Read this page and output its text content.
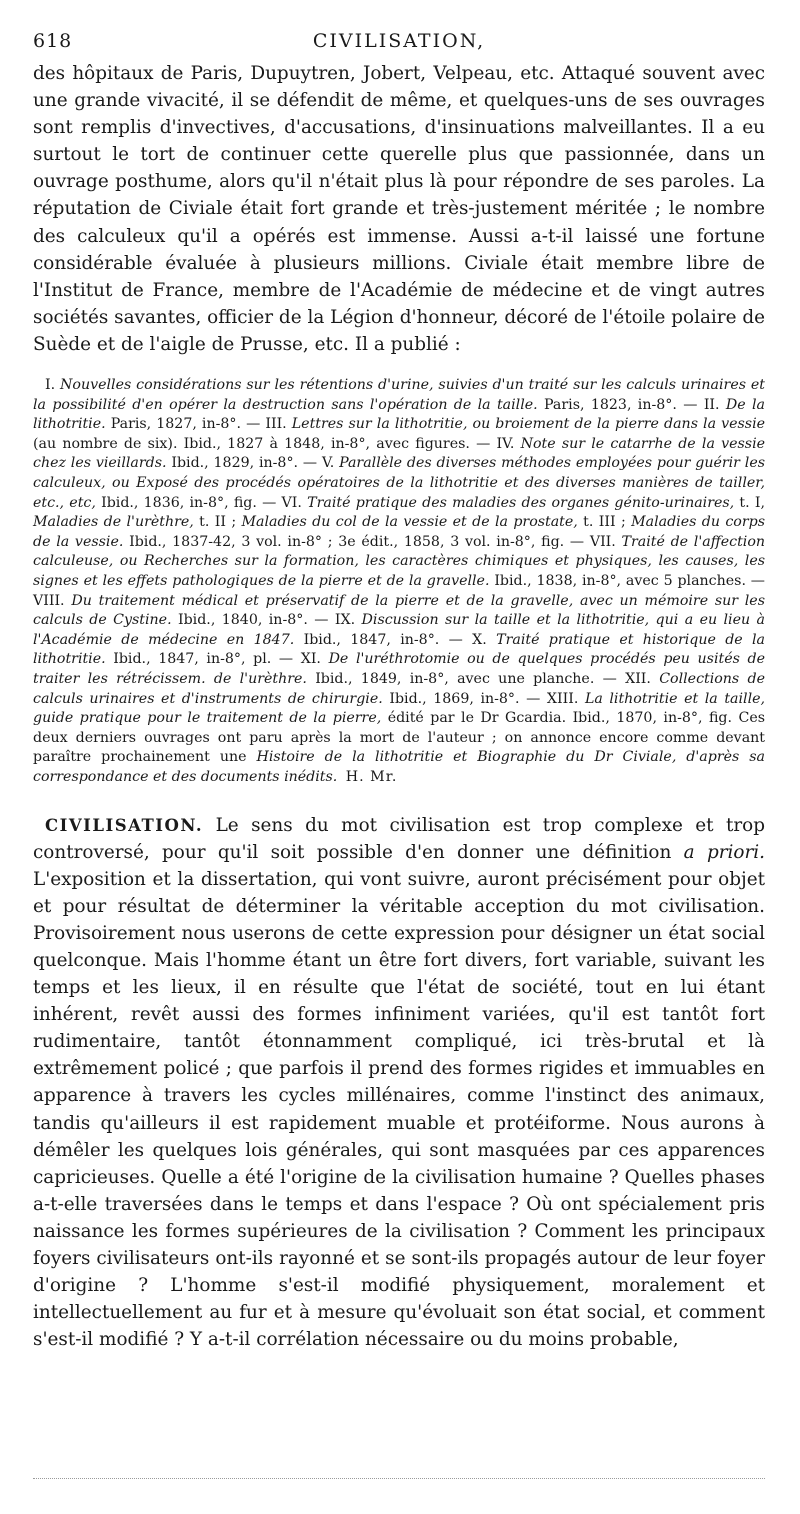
618	CIVILISATION,

des hôpitaux de Paris, Dupuytren, Jobert, Velpeau, etc. Attaqué souvent avec une grande vivacité, il se défendit de même, et quelques-uns de ses ouvrages sont remplis d'invectives, d'accusations, d'insinuations malveillantes. Il a eu surtout le tort de continuer cette querelle plus que passionnée, dans un ouvrage posthume, alors qu'il n'était plus là pour répondre de ses paroles. La réputation de Civiale était fort grande et très-justement méritée ; le nombre des calculeux qu'il a opérés est immense. Aussi a-t-il laissé une fortune considérable évaluée à plusieurs millions. Civiale était membre libre de l'Institut de France, membre de l'Académie de médecine et de vingt autres sociétés savantes, officier de la Légion d'honneur, décoré de l'étoile polaire de Suède et de l'aigle de Prusse, etc. Il a publié :

I. Nouvelles considérations sur les rétentions d'urine, suivies d'un traité sur les calculs urinaires et la possibilité d'en opérer la destruction sans l'opération de la taille. Paris, 1823, in-8°. — II. De la lithotritie. Paris, 1827, in-8°. — III. Lettres sur la lithotritie, ou broiement de la pierre dans la vessie (au nombre de six). Ibid., 1827 à 1848, in-8°, avec figures. — IV. Note sur le catarrhe de la vessie chez les vieillards. Ibid., 1829, in-8°. — V. Parallèle des diverses méthodes employées pour guérir les calculeux, ou Exposé des procédés opératoires de la lithotritie et des diverses manières de tailler, etc., etc, Ibid., 1836, in-8°, fig. — VI. Traité pratique des maladies des organes génito-urinaires, t. I, Maladies de l'urèthre, t. II ; Maladies du col de la vessie et de la prostate, t. III ; Maladies du corps de la vessie. Ibid., 1837-42, 3 vol. in-8° ; 3e édit., 1858, 3 vol. in-8°, fig. — VII. Traité de l'affection calculeuse, ou Recherches sur la formation, les caractères chimiques et physiques, les causes, les signes et les effets pathologiques de la pierre et de la gravelle. Ibid., 1838, in-8°, avec 5 planches. — VIII. Du traitement médical et préservatif de la pierre et de la gravelle, avec un mémoire sur les calculs de Cystine. Ibid., 1840, in-8°. — IX. Discussion sur la taille et la lithotritie, qui a eu lieu à l'Académie de médecine en 1847. Ibid., 1847, in-8°. — X. Traité pratique et historique de la lithotritie. Ibid., 1847, in-8°, pl. — XI. De l'uréthrotomie ou de quelques procédés peu usités de traiter les rétrécissem. de l'urèthre. Ibid., 1849, in-8°, avec une planche. — XII. Collections de calculs urinaires et d'instruments de chirurgie. Ibid., 1869, in-8°. — XIII. La lithotritie et la taille, guide pratique pour le traitement de la pierre, édité par le Dr Gcardia. Ibid., 1870, in-8°, fig. Ces deux derniers ouvrages ont paru après la mort de l'auteur ; on annonce encore comme devant paraître prochainement une Histoire de la lithotritie et Biographie du Dr Civiale, d'après sa correspondance et des documents inédits. H. Mr.

CIVILISATION. Le sens du mot civilisation est trop complexe et trop controversé, pour qu'il soit possible d'en donner une définition a priori. L'exposition et la dissertation, qui vont suivre, auront précisément pour objet et pour résultat de déterminer la véritable acception du mot civilisation. Provisoirement nous userons de cette expression pour désigner un état social quelconque. Mais l'homme étant un être fort divers, fort variable, suivant les temps et les lieux, il en résulte que l'état de société, tout en lui étant inhérent, revêt aussi des formes infiniment variées, qu'il est tantôt fort rudimentaire, tantôt étonnamment compliqué, ici très-brutal et là extrêmement policé ; que parfois il prend des formes rigides et immuables en apparence à travers les cycles millénaires, comme l'instinct des animaux, tandis qu'ailleurs il est rapidement muable et protéiforme. Nous aurons à démêler les quelques lois générales, qui sont masquées par ces apparences capricieuses. Quelle a été l'origine de la civilisation humaine ? Quelles phases a-t-elle traversées dans le temps et dans l'espace ? Où ont spécialement pris naissance les formes supérieures de la civilisation ? Comment les principaux foyers civilisateurs ont-ils rayonné et se sont-ils propagés autour de leur foyer d'origine ? L'homme s'est-il modifié physiquement, moralement et intellectuellement au fur et à mesure qu'évoluait son état social, et comment s'est-il modifié ? Y a-t-il corrélation nécessaire ou du moins probable,
